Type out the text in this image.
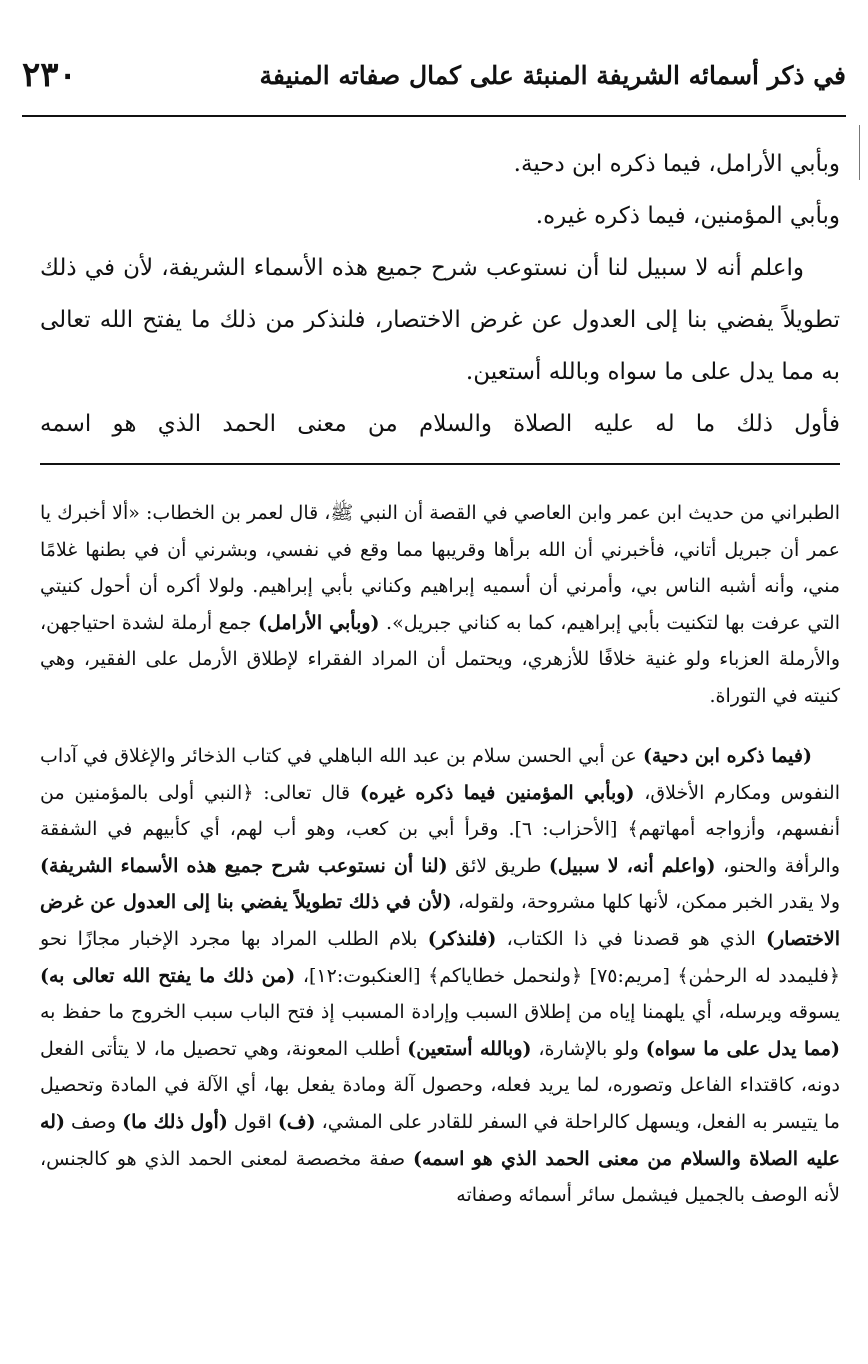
في ذكر أسمائه الشريفة المنبئة على كمال صفاته المنيفة
٢٣٠

وبأبي الأرامل، فيما ذكره ابن دحية.

وبأبي المؤمنين، فيما ذكره غيره.

واعلم أنه لا سبيل لنا أن نستوعب شرح جميع هذه الأسماء الشريفة، لأن في ذلك تطويلاً يفضي بنا إلى العدول عن غرض الاختصار، فلنذكر من ذلك ما يفتح الله تعالى به مما يدل على ما سواه وبالله أستعين.

فأول ذلك ما له عليه الصلاة والسلام من معنى الحمد الذي هو اسمه

الطبراني من حديث ابن عمر وابن العاصي في القصة أن النبي ﷺ، قال لعمر بن الخطاب: «ألا أخبرك يا عمر أن جبريل أتاني، فأخبرني أن الله برأها وقريبها مما وقع في نفسي، وبشرني أن في بطنها غلامًا مني، وأنه أشبه الناس بي، وأمرني أن أسميه إبراهيم وكناني بأبي إبراهيم. ولولا أكره أن أحول كنيتي التي عرفت بها لتكنيت بأبي إبراهيم، كما به كناني جبريل». (وبأبي الأرامل) جمع أرملة لشدة احتياجهن، والأرملة العزباء ولو غنية خلافًا للأزهري، ويحتمل أن المراد الفقراء لإطلاق الأرمل على الفقير، وهي كنيته في التوراة.
(فيما ذكره ابن دحية) عن أبي الحسن سلام بن عبد الله الباهلي في كتاب الذخائر والإغلاق في آداب النفوس ومكارم الأخلاق، (وبأبي المؤمنين فيما ذكره غيره) قال تعالى: ﴿النبي أولى بالمؤمنين من أنفسهم، وأزواجه أمهاتهم﴾ [الأحزاب: ٦]. وقرأ أبي بن كعب، وهو أب لهم، أي كأبيهم في الشفقة والرأفة والحنو، (واعلم أنه، لا سبيل) طريق لائق (لنا أن نستوعب شرح جميع هذه الأسماء الشريفة) ولا يقدر الخبر ممكن، لأنها كلها مشروحة، ولقوله، (لأن في ذلك تطويلاً يفضي بنا إلى العدول عن غرض الاختصار) الذي هو قصدنا في ذا الكتاب، (فلنذكر) بلام الطلب المراد بها مجرد الإخبار مجازًا نحو ﴿فليمدد له الرحمٰن﴾ [مريم:٧٥] ﴿ولنحمل خطاياكم﴾ [العنكبوت:١٢]، (من ذلك ما يفتح الله تعالى به) يسوقه ويرسله، أي يلهمنا إياه من إطلاق السبب وإرادة المسبب إذ فتح الباب سبب الخروج ما حفظ به (مما يدل على ما سواه) ولو بالإشارة، (وبالله أستعين) أطلب المعونة، وهي تحصيل ما، لا يتأتى الفعل دونه، كاقتداء الفاعل وتصوره، لما يريد فعله، وحصول آلة ومادة يفعل بها، أي الآلة في المادة وتحصيل ما يتيسر به الفعل، ويسهل كالراحلة في السفر للقادر على المشي، (ف) اقول (أول ذلك ما) وصف (له عليه الصلاة والسلام من معنى الحمد الذي هو اسمه) صفة مخصصة لمعنى الحمد الذي هو كالجنس، لأنه الوصف بالجميل فيشمل سائر أسمائه وصفاته
